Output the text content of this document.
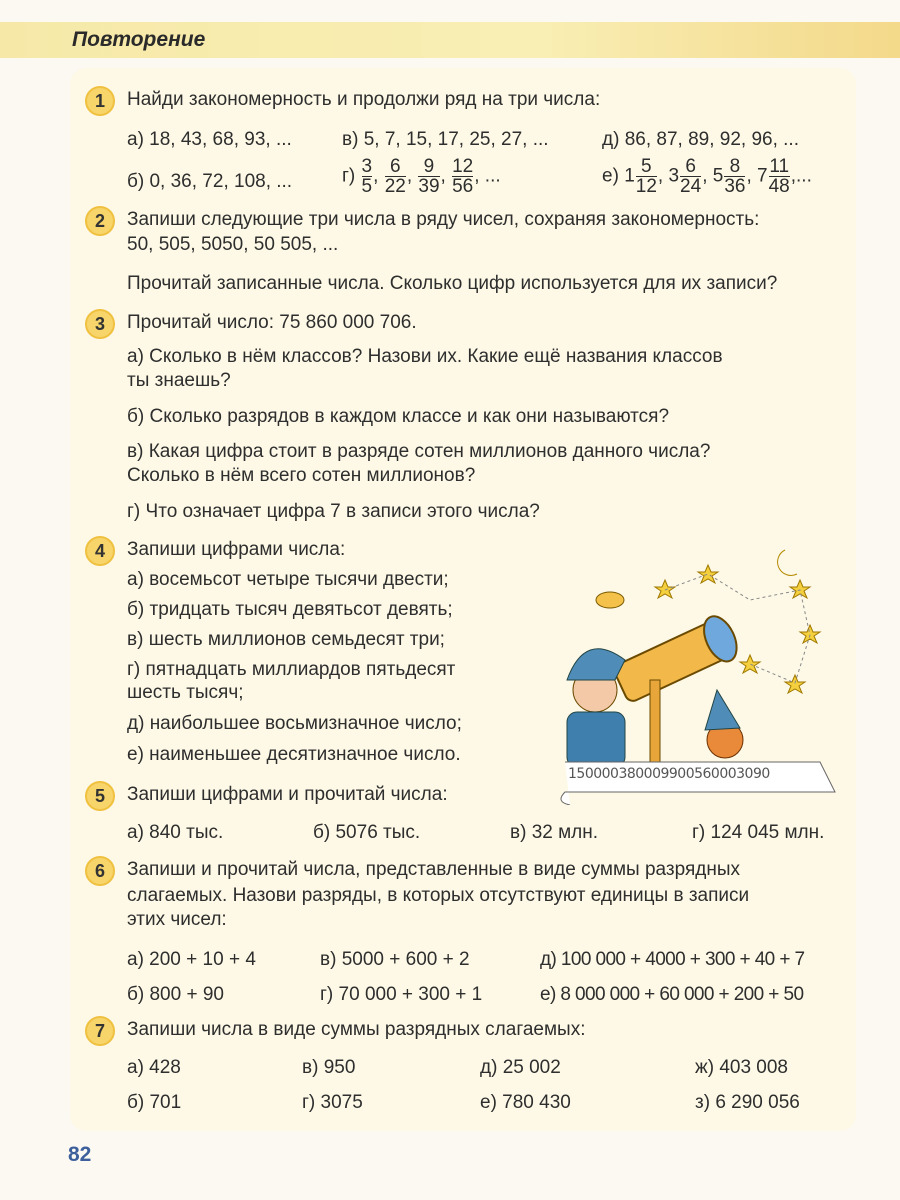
Повторение
1	Найди закономерность и продолжи ряд на три числа:
а) 18, 43, 68, 93, ...	в) 5, 7, 15, 17, 25, 27, ...	д) 86, 87, 89, 92, 96, ...
б) 0, 36, 72, 108, ...	$г) \frac{3}{5}$ , $\frac{6}{22}$ , $\frac{9}{39}$ , $\frac{12}{56}$ , ...	е) $1 \frac{5}{12}$ , $3 \frac{6}{24}$ , $5 \frac{8}{36}$ , $7 \frac{11}{48}$ ,...
2	Запиши следующие три числа в ряду чисел, сохраняя закономерность:
50, 505, 5050, 50 505, ...
Прочитай записанные числа. Сколько цифр используется для их записи?
3	Прочитай число: 75 860 000 706.
а) Сколько в нём классов? Назови их. Какие ещё названия классов
ты знаешь?
б) Сколько разрядов в каждом классе и как они называются?
в) Какая цифра стоит в разряде сотен миллионов данного числа?
Сколько в нём всего сотен миллионов?
г) Что означает цифра 7 в записи этого числа?
4	Запиши цифрами числа:
а) восемьсот четыре тысячи двести;
б) тридцать тысяч девятьсот девять;
в) шесть миллионов семьдесят три;
г) пятнадцать миллиардов пятьдесят
шесть тысяч;
д) наибольшее восьмизначное число;
е) наименьшее десятизначное число.
150000380009900560003090
5	Запиши цифрами и прочитай числа:
а) 840 тыс.	б) 5076 тыс.	в) 32 млн.	г) 124 045 млн.
6	Запиши и прочитай числа, представленные в виде суммы разрядных
слагаемых. Назови разряды, в которых отсутствуют единицы в записи
этих чисел:
а) 200 + 10 + 4	в) 5000 + 600 + 2	д) 100 000 + 4000 + 300 + 40 + 7
б) 800 + 90	г) 70 000 + 300 + 1	е) 8 000 000 + 60 000 + 200 + 50
7	Запиши числа в виде суммы разрядных слагаемых:
а) 428	в) 950	д) 25 002	ж) 403 008
б) 701	г) 3075	е) 780 430	з) 6 290 056
82
